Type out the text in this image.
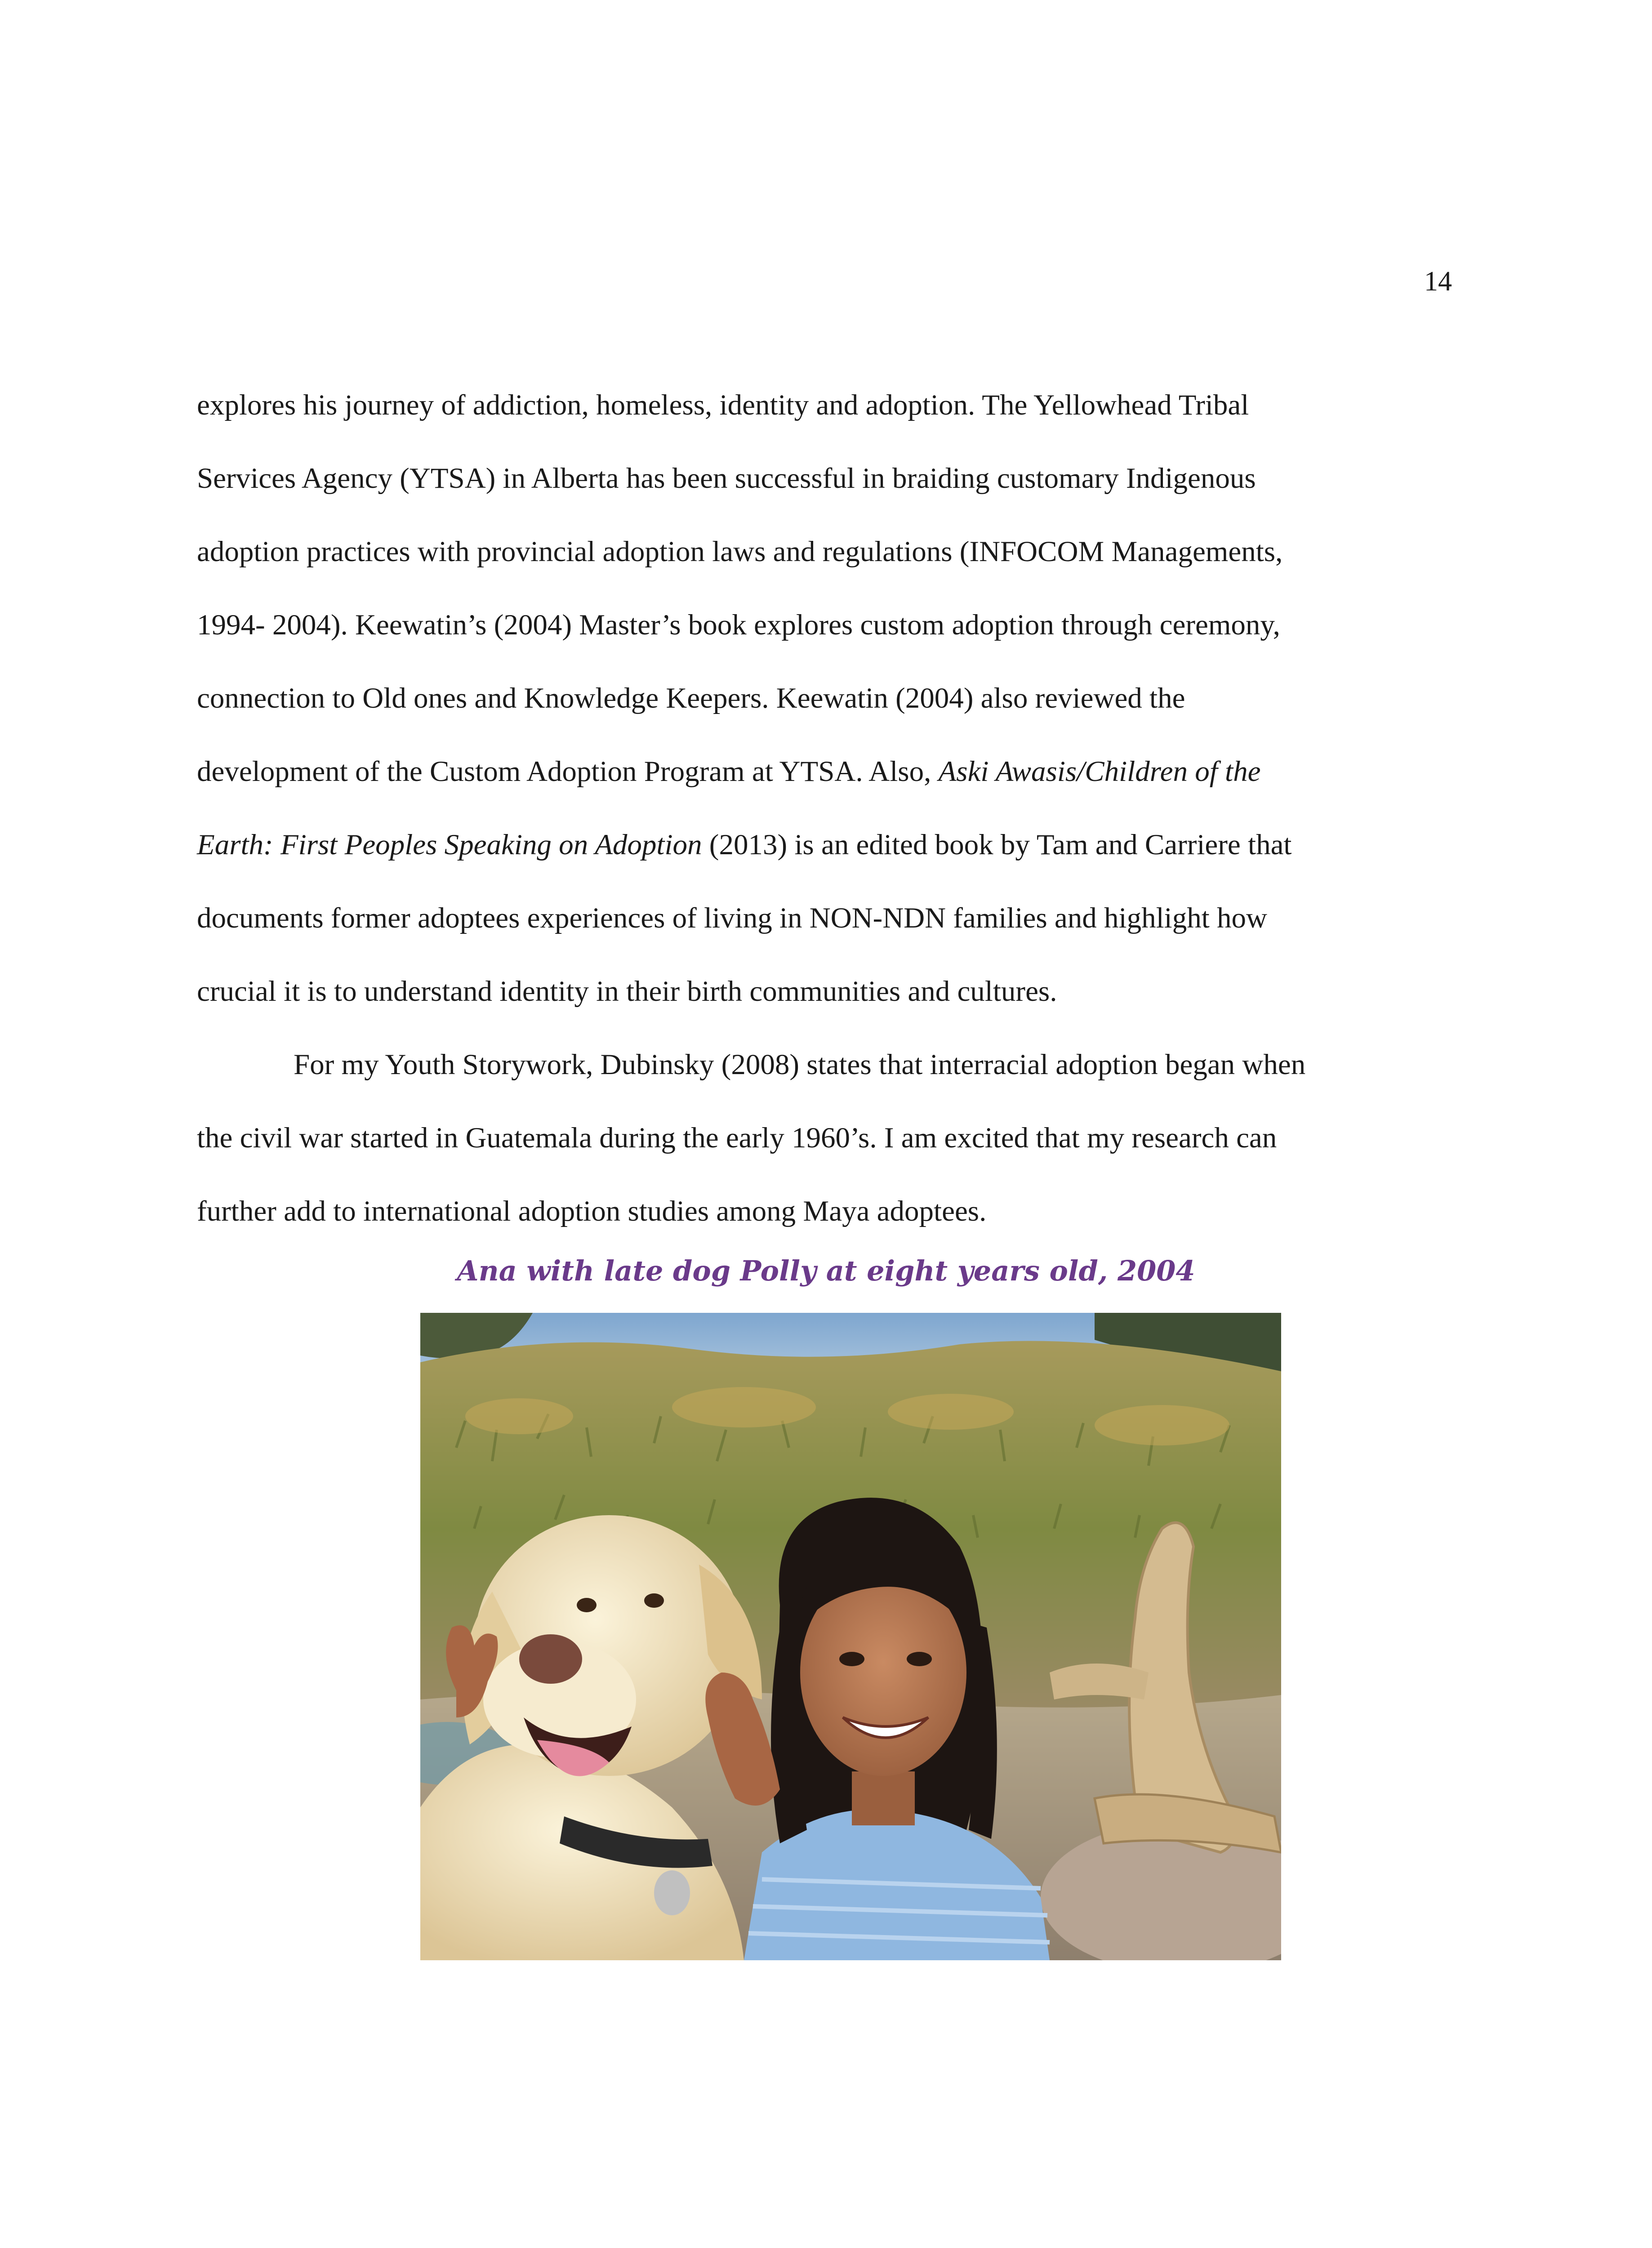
14

explores his journey of addiction, homeless, identity and adoption. The Yellowhead Tribal
Services Agency (YTSA) in Alberta has been successful in braiding customary Indigenous
adoption practices with provincial adoption laws and regulations (INFOCOM Managements,
1994- 2004). Keewatin’s (2004) Master’s book explores custom adoption through ceremony,
connection to Old ones and Knowledge Keepers. Keewatin (2004) also reviewed the
development of the Custom Adoption Program at YTSA. Also, Aski Awasis/Children of the
Earth: First Peoples Speaking on Adoption (2013) is an edited book by Tam and Carriere that
documents former adoptees experiences of living in NON-NDN families and highlight how
crucial it is to understand identity in their birth communities and cultures.

For my Youth Storywork, Dubinsky (2008) states that interracial adoption began when
the civil war started in Guatemala during the early 1960’s. I am excited that my research can
further add to international adoption studies among Maya adoptees.

Ana with late dog Polly at eight years old, 2004
